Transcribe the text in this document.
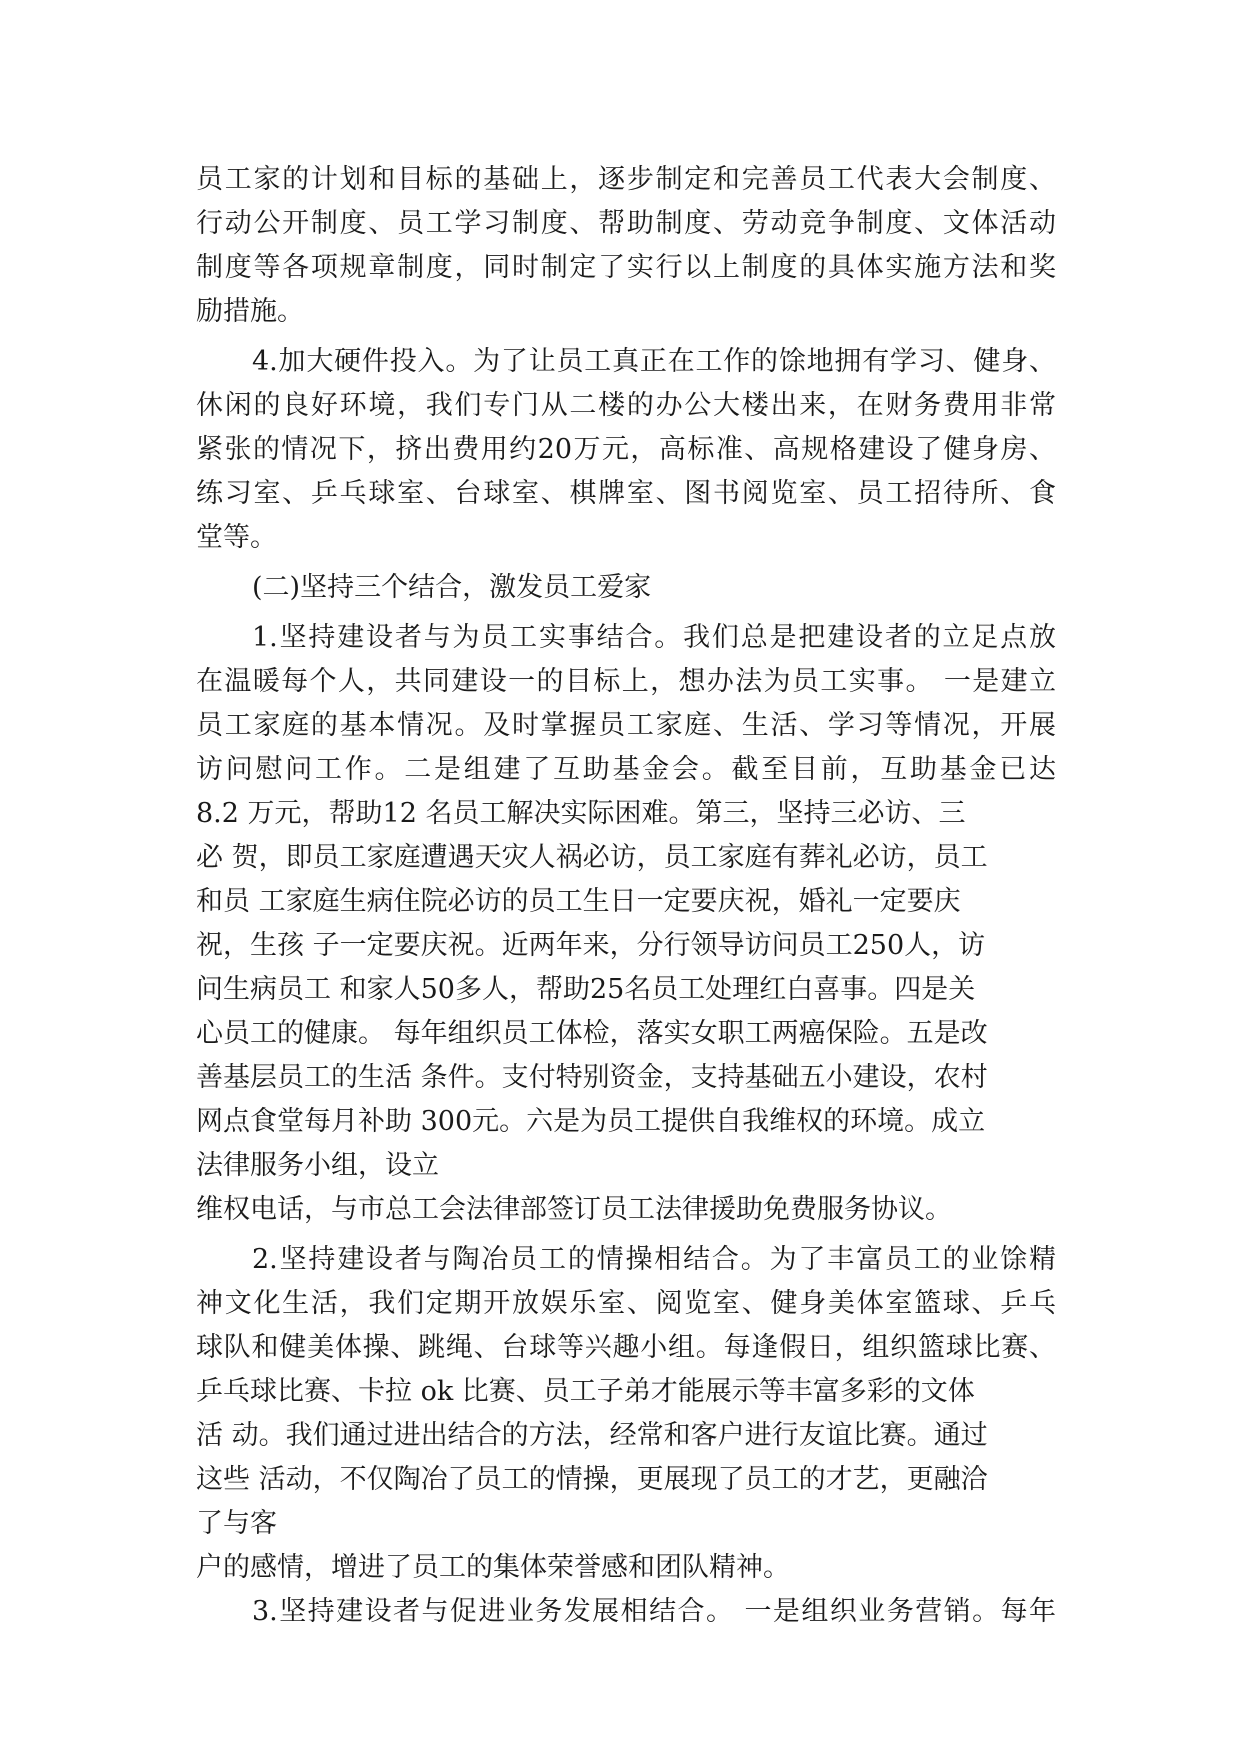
员工家的计划和目标的基础上，逐步制定和完善员工代表大会制度、
行动公开制度、员工学习制度、帮助制度、劳动竞争制度、文体活动
制度等各项规章制度，同时制定了实行以上制度的具体实施方法和奖
励措施。
4.加大硬件投入。为了让员工真正在工作的馀地拥有学习、健身、
休闲的良好环境，我们专门从二楼的办公大楼出来，在财务费用非常
紧张的情况下，挤出费用约20万元，高标准、高规格建设了健身房、
练习室、乒乓球室、台球室、棋牌室、图书阅览室、员工招待所、食
堂等。
(二)坚持三个结合，激发员工爱家
1.坚持建设者与为员工实事结合。我们总是把建设者的立足点放
在温暖每个人，共同建设一的目标上，想办法为员工实事。 一是建立
员工家庭的基本情况。及时掌握员工家庭、生活、学习等情况，开展
访问慰问工作。二是组建了互助基金会。截至目前，互助基金已达
8.2 万元，帮助12 名员工解决实际困难。第三，坚持三必访、三
必 贺，即员工家庭遭遇天灾人祸必访，员工家庭有葬礼必访，员工
和员 工家庭生病住院必访的员工生日一定要庆祝，婚礼一定要庆
祝，生孩 子一定要庆祝。近两年来，分行领导访问员工250人，访
问生病员工 和家人50多人，帮助25名员工处理红白喜事。四是关
心员工的健康。 每年组织员工体检，落实女职工两癌保险。五是改
善基层员工的生活 条件。支付特别资金，支持基础五小建设，农村
网点食堂每月补助 300元。六是为员工提供自我维权的环境。成立
法律服务小组，设立
维权电话，与市总工会法律部签订员工法律援助免费服务协议。
2.坚持建设者与陶冶员工的情操相结合。为了丰富员工的业馀精
神文化生活，我们定期开放娱乐室、阅览室、健身美体室篮球、乒乓
球队和健美体操、跳绳、台球等兴趣小组。每逢假日，组织篮球比赛、
乒乓球比赛、卡拉 ok 比赛、员工子弟才能展示等丰富多彩的文体
活 动。我们通过进出结合的方法，经常和客户进行友谊比赛。通过
这些 活动，不仅陶冶了员工的情操，更展现了员工的才艺，更融洽
了与客
户的感情，增进了员工的集体荣誉感和团队精神。
3.坚持建设者与促进业务发展相结合。 一是组织业务营销。每年
